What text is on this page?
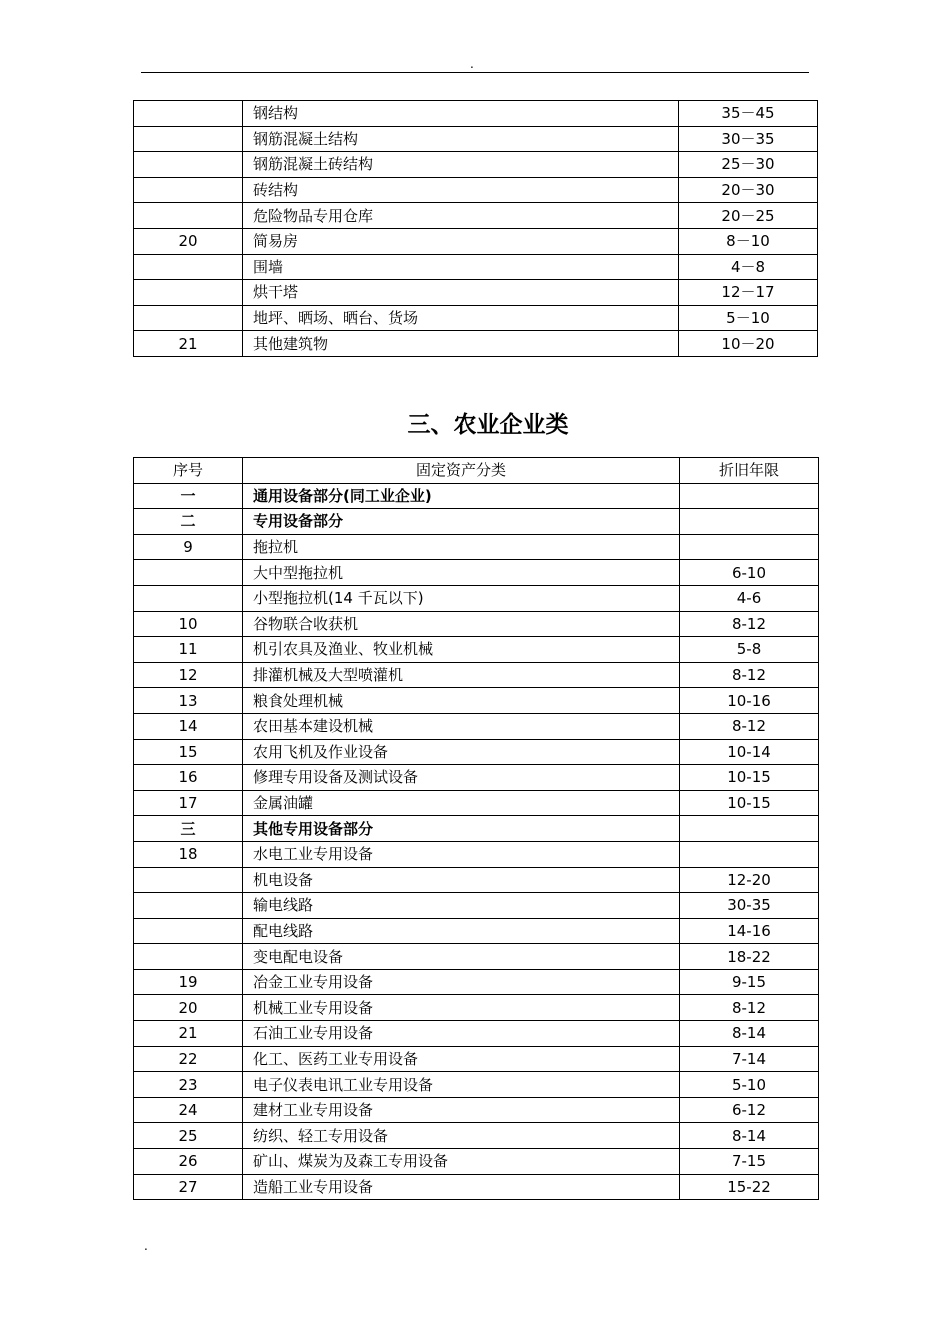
.
	钢结构	35－45
	钢筋混凝土结构	30－35
	钢筋混凝土砖结构	25－30
	砖结构	20－30
	危险物品专用仓库	20－25
20	简易房	8－10
	围墙	4－8
	烘干塔	12－17
	地坪、晒场、晒台、货场	5－10
21	其他建筑物	10－20
三、农业企业类
序号	固定资产分类	折旧年限
一	通用设备部分(同工业企业)	
二	专用设备部分	
9	拖拉机	
	大中型拖拉机	6-10
	小型拖拉机(14 千瓦以下)	4-6
10	谷物联合收获机	8-12
11	机引农具及渔业、牧业机械	5-8
12	排灌机械及大型喷灌机	8-12
13	粮食处理机械	10-16
14	农田基本建设机械	8-12
15	农用飞机及作业设备	10-14
16	修理专用设备及测试设备	10-15
17	金属油罐	10-15
三	其他专用设备部分	
18	水电工业专用设备	
	机电设备	12-20
	输电线路	30-35
	配电线路	14-16
	变电配电设备	18-22
19	冶金工业专用设备	9-15
20	机械工业专用设备	8-12
21	石油工业专用设备	8-14
22	化工、医药工业专用设备	7-14
23	电子仪表电讯工业专用设备	5-10
24	建材工业专用设备	6-12
25	纺织、轻工专用设备	8-14
26	矿山、煤炭为及森工专用设备	7-15
27	造船工业专用设备	15-22
.
